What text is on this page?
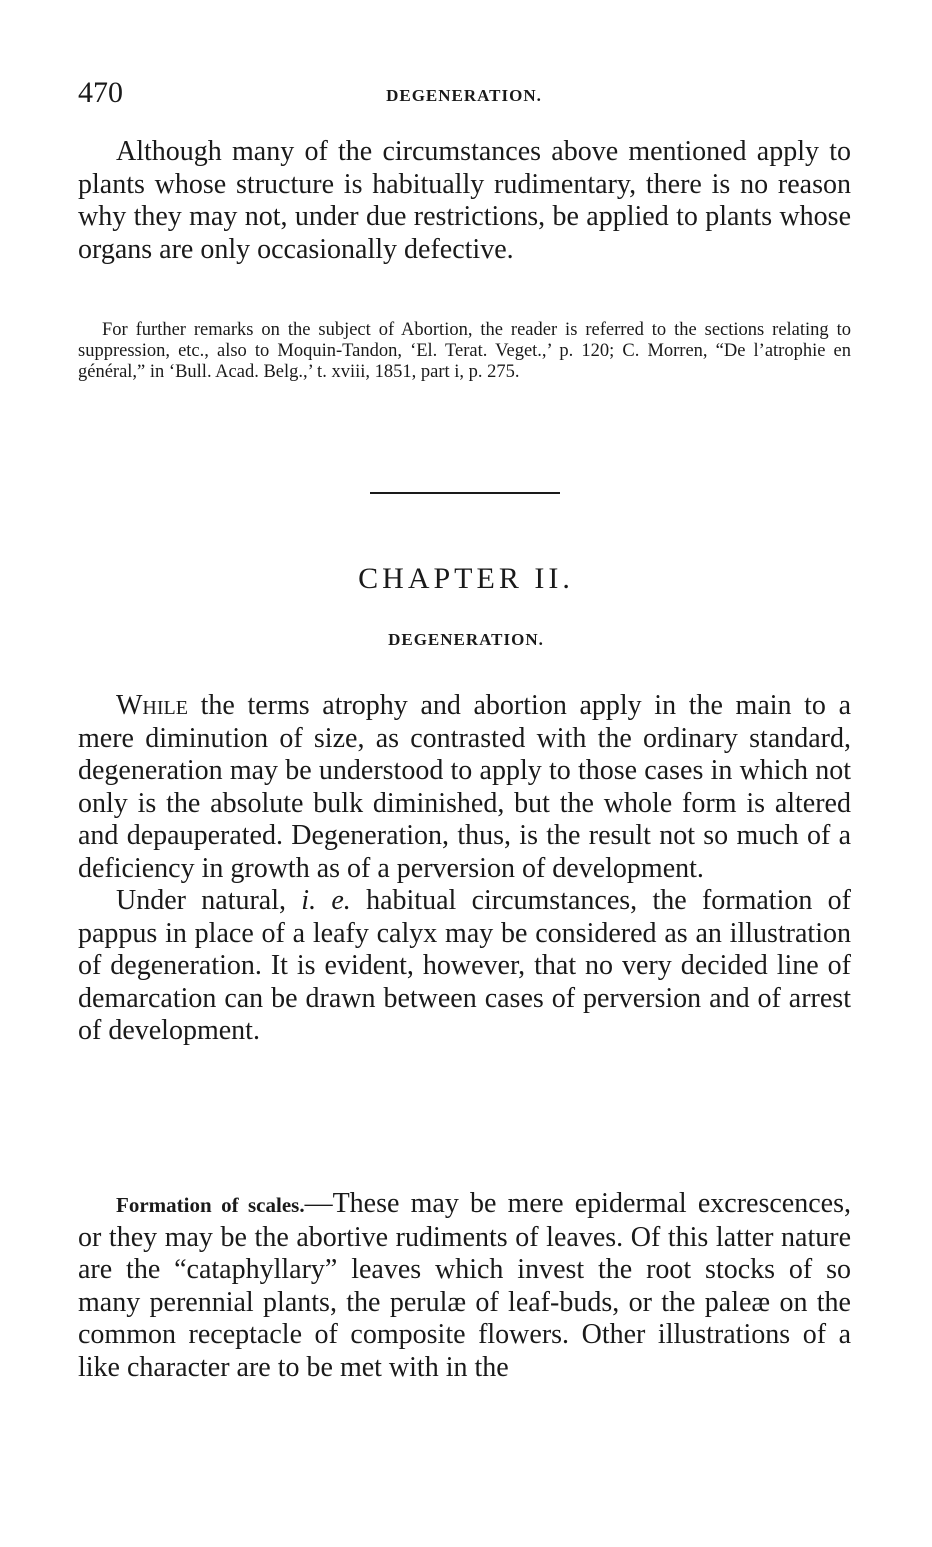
470	DEGENERATION.

Although many of the circumstances above mentioned apply to plants whose structure is habitually rudimentary, there is no reason why they may not, under due restrictions, be applied to plants whose organs are only occasionally defective.

For further remarks on the subject of Abortion, the reader is referred to the sections relating to suppression, etc., also to Moquin-Tandon, ‘El. Terat. Veget.,’ p. 120; C. Morren, “De l’atrophie en général,” in ‘Bull. Acad. Belg.,’ t. xviii, 1851, part i, p. 275.

CHAPTER II.
DEGENERATION.

While the terms atrophy and abortion apply in the main to a mere diminution of size, as contrasted with the ordinary standard, degeneration may be understood to apply to those cases in which not only is the absolute bulk diminished, but the whole form is altered and depauperated. Degeneration, thus, is the result not so much of a deficiency in growth as of a perversion of development.

Under natural, i. e. habitual circumstances, the formation of pappus in place of a leafy calyx may be considered as an illustration of degeneration. It is evident, however, that no very decided line of demarcation can be drawn between cases of perversion and of arrest of development.

Formation of scales.—These may be mere epidermal excrescences, or they may be the abortive rudiments of leaves. Of this latter nature are the “cataphyllary” leaves which invest the root stocks of so many perennial plants, the perulæ of leaf-buds, or the paleæ on the common receptacle of composite flowers. Other illustrations of a like character are to be met with in the
